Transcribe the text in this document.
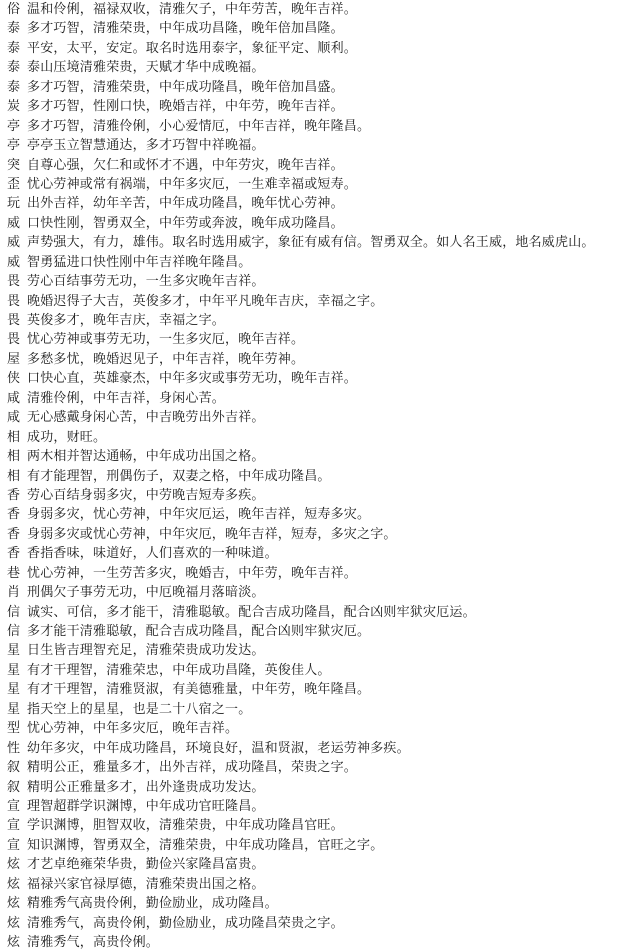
俗 温和伶俐，福禄双收，清雅欠子，中年劳苦，晚年吉祥。
泰 多才巧智，清雅荣贵，中年成功昌隆，晚年倍加昌隆。
泰 平安，太平，安定。取名时选用泰字，象征平定、顺利。
泰 泰山压境清雅荣贵，天赋才华中成晚福。
泰 多才巧智，清雅荣贵，中年成功隆昌，晚年倍加昌盛。
炭 多才巧智，性刚口快，晚婚吉祥，中年劳，晚年吉祥。
亭 多才巧智，清雅伶俐，小心爱情厄，中年吉祥，晚年隆昌。
亭 亭亭玉立智慧通达，多才巧智中祥晚福。
突 自尊心强，欠仁和或怀才不遇，中年劳灾，晚年吉祥。
歪 忧心劳神或常有祸端，中年多灾厄，一生难幸福或短寿。
玩 出外吉祥，幼年辛苦，中年成功隆昌，晚年忧心劳神。
威 口快性刚，智勇双全，中年劳或奔波，晚年成功隆昌。
威 声势强大，有力，雄伟。取名时选用威字，象征有威有信。智勇双全。如人名王威，地名威虎山。
威 智勇猛进口快性刚中年吉祥晚年隆昌。
畏 劳心百结事劳无功，一生多灾晚年吉祥。
畏 晚婚迟得子大吉，英俊多才，中年平凡晚年吉庆，幸福之字。
畏 英俊多才，晚年吉庆，幸福之字。
畏 忧心劳神或事劳无功，一生多灾厄，晚年吉祥。
屋 多愁多忧，晚婚迟见子，中年吉祥，晚年劳神。
侠 口快心直，英雄豪杰，中年多灾或事劳无功，晚年吉祥。
咸 清雅伶俐，中年吉祥，身闲心苦。
咸 无心感戴身闲心苦，中吉晚劳出外吉祥。
相 成功，财旺。
相 两木相并智达通畅，中年成功出国之格。
相 有才能理智，刑偶伤子，双妻之格，中年成功隆昌。
香 劳心百结身弱多灾，中劳晚吉短寿多疾。
香 身弱多灾，忧心劳神，中年灾厄运，晚年吉祥，短寿多灾。
香 身弱多灾或忧心劳神，中年灾厄，晚年吉祥，短寿，多灾之字。
香 香指香味，味道好，人们喜欢的一种味道。
巷 忧心劳神，一生劳苦多灾，晚婚吉，中年劳，晚年吉祥。
肖 刑偶欠子事劳无功，中厄晚福月落暗淡。
信 诚实、可信，多才能干，清雅聪敏。配合吉成功隆昌，配合凶则牢狱灾厄运。
信 多才能干清雅聪敏，配合吉成功隆昌，配合凶则牢狱灾厄。
星 日生皆吉理智充足，清雅荣贵成功发达。
星 有才干理智，清雅荣忠，中年成功昌隆，英俊佳人。
星 有才干理智，清雅贤淑，有美德雅量，中年劳，晚年隆昌。
星 指天空上的星星，也是二十八宿之一。
型 忧心劳神，中年多灾厄，晚年吉祥。
性 幼年多灾，中年成功隆昌，环境良好，温和贤淑，老运劳神多疾。
叙 精明公正，雅量多才，出外吉祥，成功隆昌，荣贵之字。
叙 精明公正雅量多才，出外逢贵成功发达。
宣 理智超群学识渊博，中年成功官旺隆昌。
宣 学识渊博，胆智双收，清雅荣贵，中年成功隆昌官旺。
宣 知识渊博，智勇双全，清雅荣贵，中年成功隆昌，官旺之字。
炫 才艺卓绝雍荣华贵，勤俭兴家隆昌富贵。
炫 福禄兴家官禄厚德，清雅荣贵出国之格。
炫 精雅秀气高贵伶俐，勤俭励业，成功隆昌。
炫 清雅秀气，高贵伶俐，勤俭励业，成功隆昌荣贵之字。
炫 清雅秀气，高贵伶俐。
